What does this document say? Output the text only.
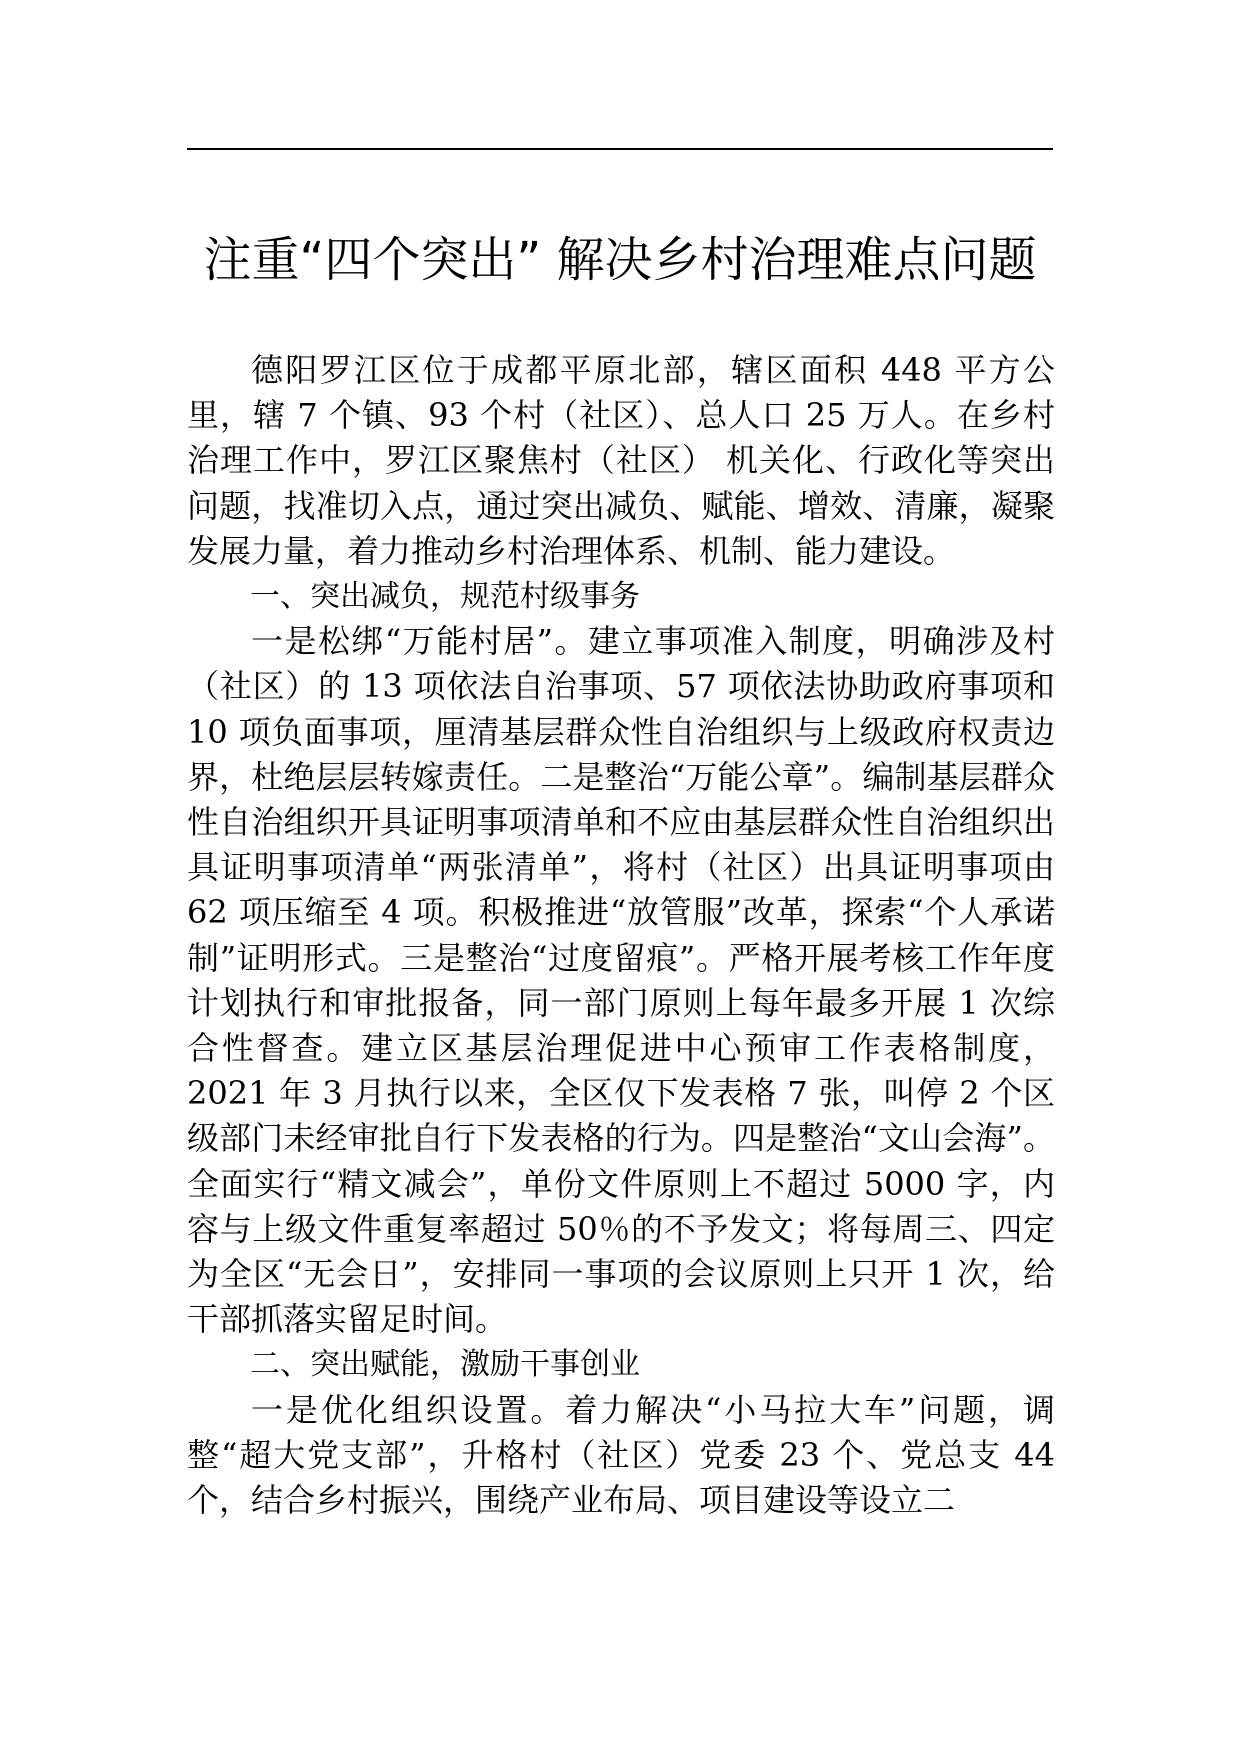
注重“四个突出” 解决乡村治理难点问题

德阳罗江区位于成都平原北部，辖区面积 448 平方公里，辖 7 个镇、93 个村（社区）、总人口 25 万人。在乡村治理工作中，罗江区聚焦村（社区） 机关化、行政化等突出问题，找准切入点，通过突出减负、赋能、增效、清廉，凝聚发展力量，着力推动乡村治理体系、机制、能力建设。

一、突出减负，规范村级事务

一是松绑“万能村居”。建立事项准入制度，明确涉及村（社区）的 13 项依法自治事项、57 项依法协助政府事项和 10 项负面事项，厘清基层群众性自治组织与上级政府权责边界，杜绝层层转嫁责任。二是整治“万能公章”。编制基层群众性自治组织开具证明事项清单和不应由基层群众性自治组织出具证明事项清单“两张清单”，将村（社区）出具证明事项由 62 项压缩至 4 项。积极推进“放管服”改革，探索“个人承诺制”证明形式。三是整治“过度留痕”。严格开展考核工作年度计划执行和审批报备，同一部门原则上每年最多开展 1 次综合性督查。建立区基层治理促进中心预审工作表格制度，2021 年 3 月执行以来，全区仅下发表格 7 张，叫停 2 个区级部门未经审批自行下发表格的行为。四是整治“文山会海”。全面实行“精文减会”，单份文件原则上不超过 5000 字，内容与上级文件重复率超过 50％的不予发文；将每周三、四定为全区“无会日”，安排同一事项的会议原则上只开 1 次，给干部抓落实留足时间。

二、突出赋能，激励干事创业

一是优化组织设置。着力解决“小马拉大车”问题，调整“超大党支部”，升格村（社区）党委 23 个、党总支 44 个，结合乡村振兴，围绕产业布局、项目建设等设立二
